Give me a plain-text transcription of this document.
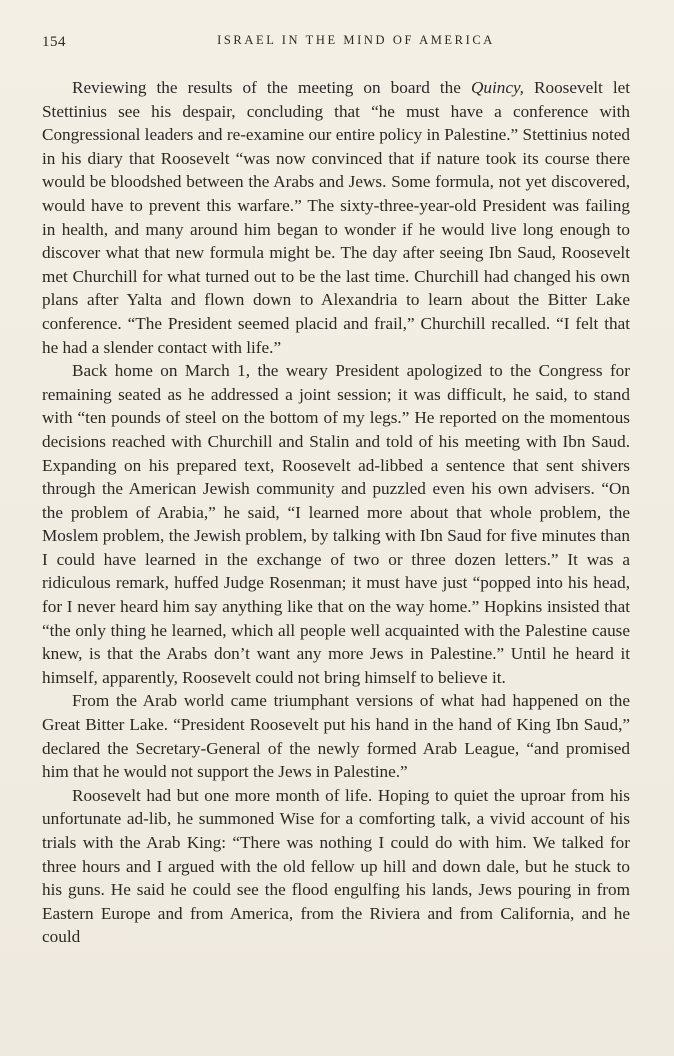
154	ISRAEL IN THE MIND OF AMERICA

Reviewing the results of the meeting on board the Quincy, Roosevelt let Stettinius see his despair, concluding that “he must have a conference with Congressional leaders and re-examine our entire policy in Palestine.” Stettinius noted in his diary that Roosevelt “was now convinced that if nature took its course there would be bloodshed between the Arabs and Jews. Some formula, not yet discovered, would have to prevent this warfare.” The sixty-three-year-old President was failing in health, and many around him began to wonder if he would live long enough to discover what that new formula might be. The day after seeing Ibn Saud, Roosevelt met Churchill for what turned out to be the last time. Churchill had changed his own plans after Yalta and flown down to Alexandria to learn about the Bitter Lake conference. “The President seemed placid and frail,” Churchill recalled. “I felt that he had a slender contact with life.”

Back home on March 1, the weary President apologized to the Congress for remaining seated as he addressed a joint session; it was difficult, he said, to stand with “ten pounds of steel on the bottom of my legs.” He reported on the momentous decisions reached with Churchill and Stalin and told of his meeting with Ibn Saud. Expanding on his prepared text, Roosevelt ad-libbed a sentence that sent shivers through the American Jewish community and puzzled even his own advisers. “On the problem of Arabia,” he said, “I learned more about that whole problem, the Moslem problem, the Jewish problem, by talking with Ibn Saud for five minutes than I could have learned in the exchange of two or three dozen letters.” It was a ridiculous remark, huffed Judge Rosenman; it must have just “popped into his head, for I never heard him say anything like that on the way home.” Hopkins insisted that “the only thing he learned, which all people well acquainted with the Palestine cause knew, is that the Arabs don’t want any more Jews in Palestine.” Until he heard it himself, apparently, Roosevelt could not bring himself to believe it.

From the Arab world came triumphant versions of what had happened on the Great Bitter Lake. “President Roosevelt put his hand in the hand of King Ibn Saud,” declared the Secretary-General of the newly formed Arab League, “and promised him that he would not support the Jews in Palestine.”

Roosevelt had but one more month of life. Hoping to quiet the uproar from his unfortunate ad-lib, he summoned Wise for a comforting talk, a vivid account of his trials with the Arab King: “There was nothing I could do with him. We talked for three hours and I argued with the old fellow up hill and down dale, but he stuck to his guns. He said he could see the flood engulfing his lands, Jews pouring in from Eastern Europe and from America, from the Riviera and from California, and he could
